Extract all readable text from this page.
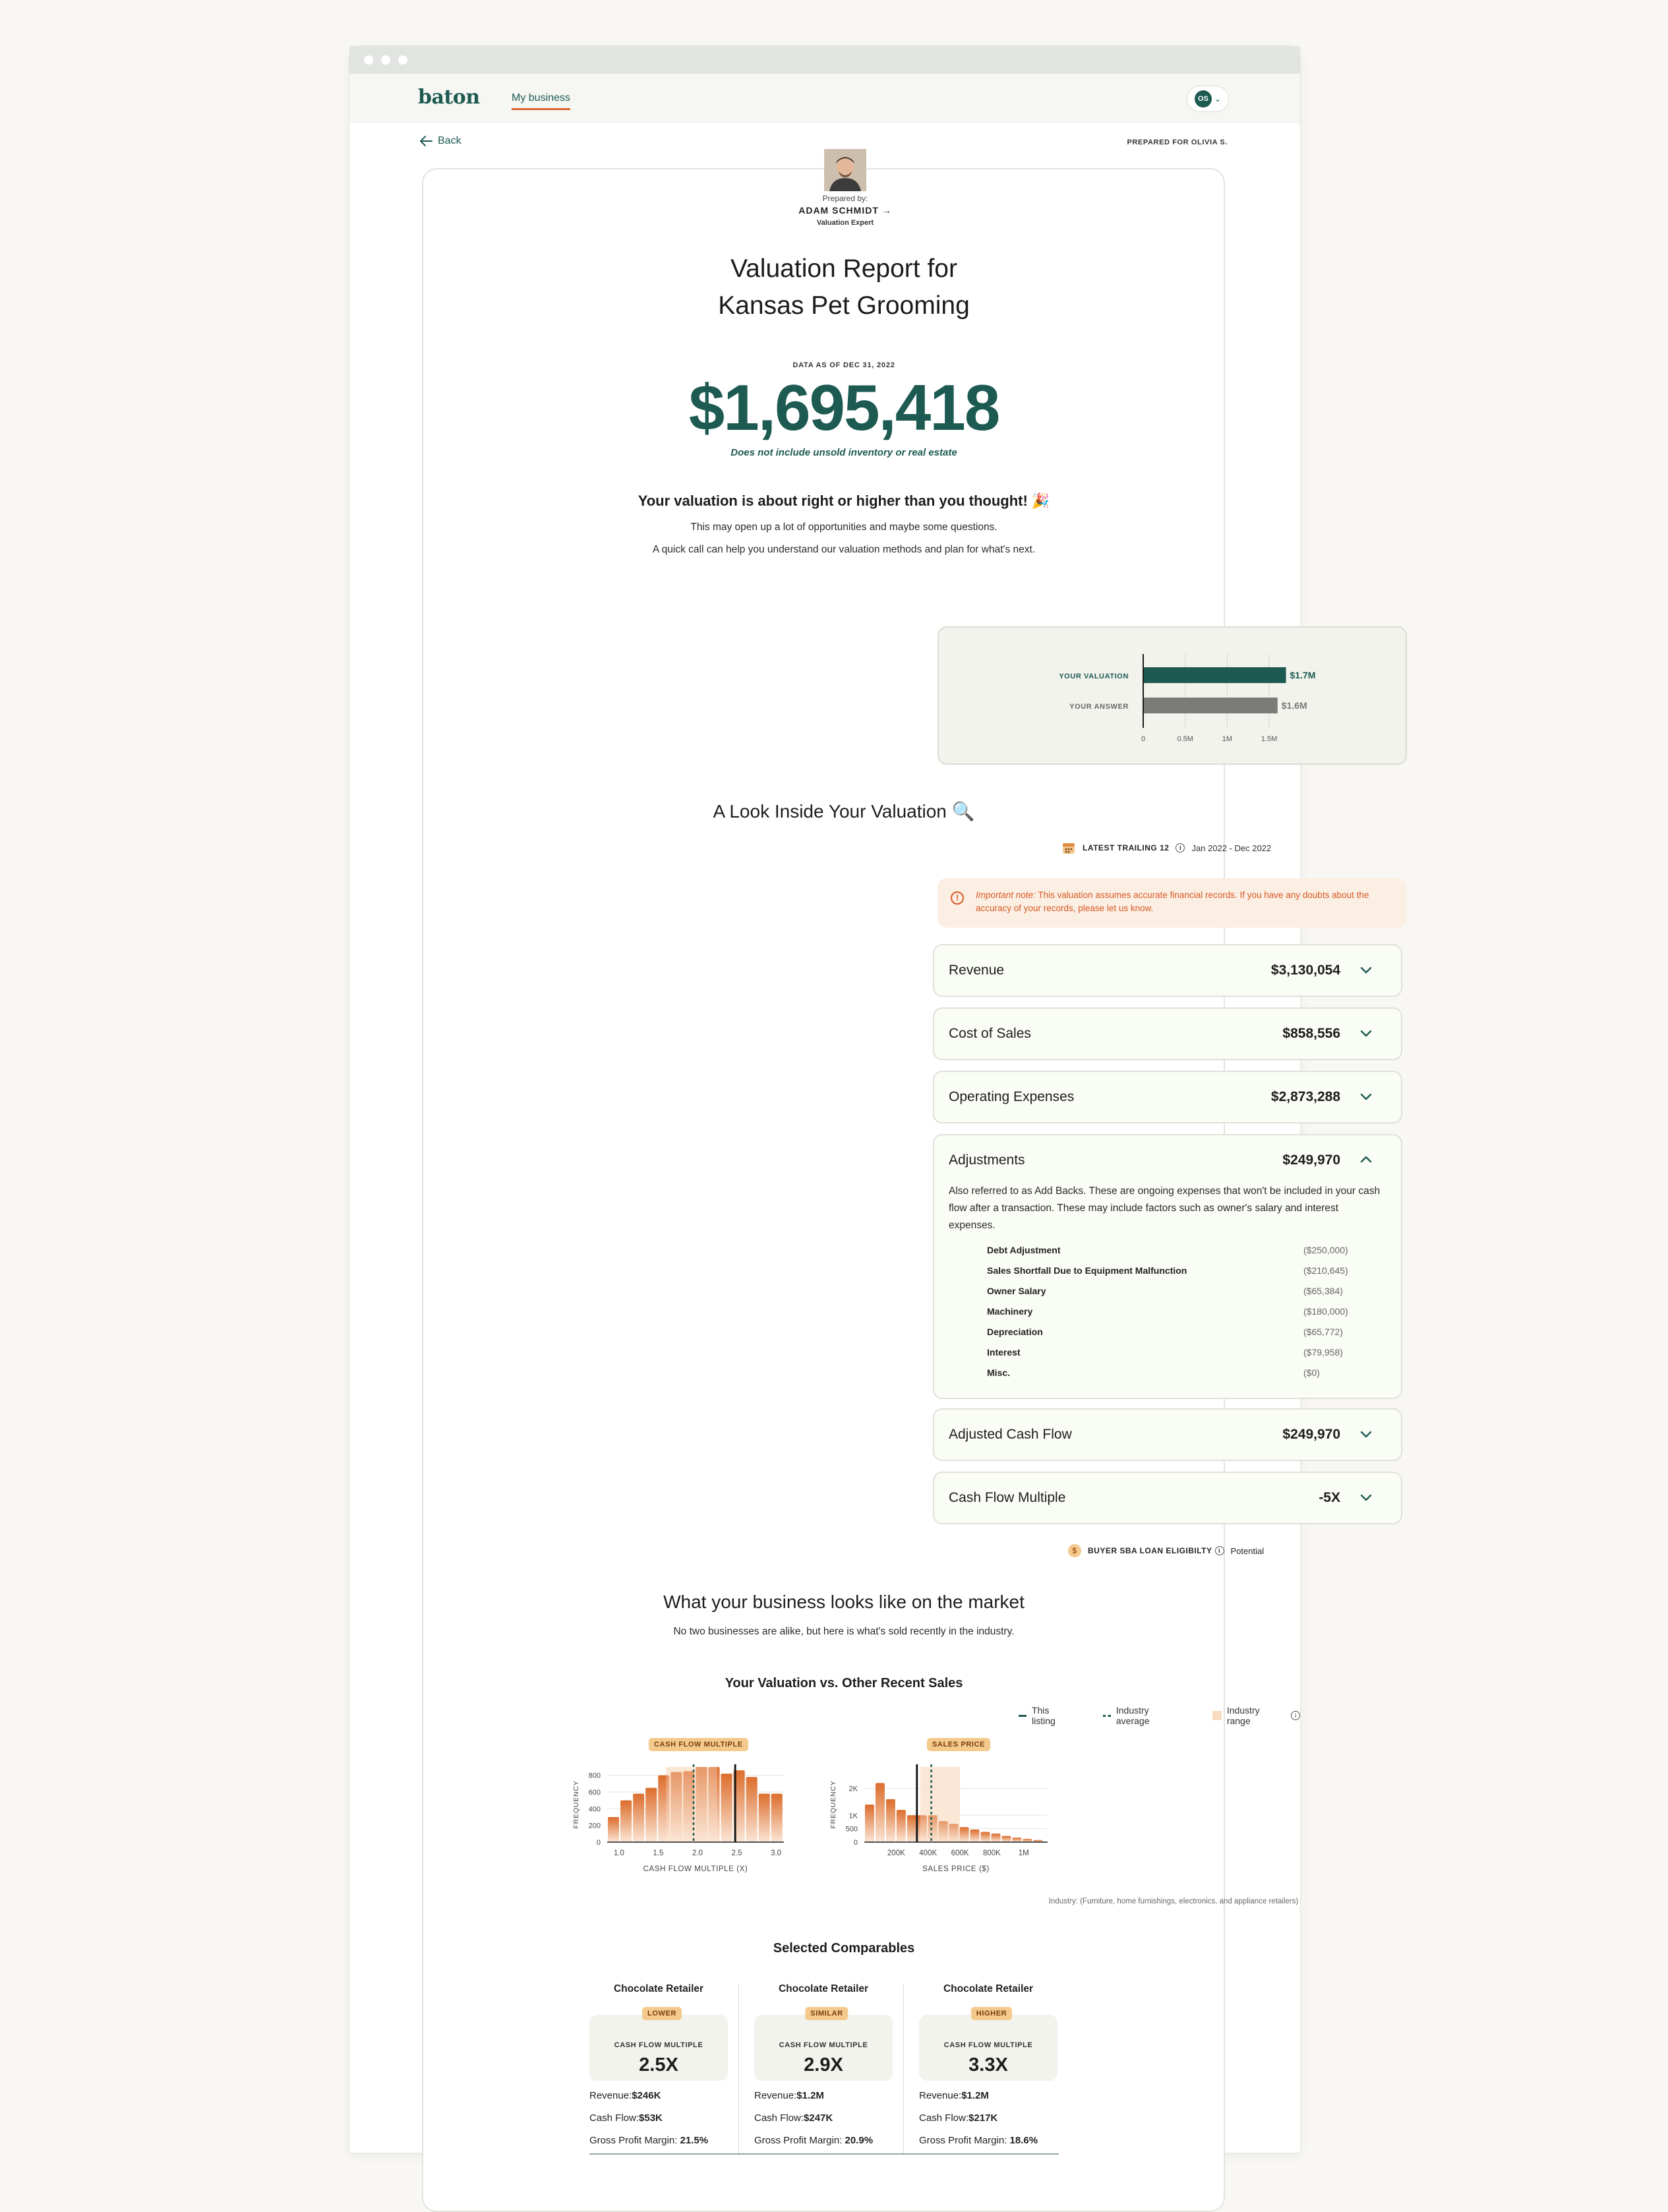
baton	My business	OS ⌄
Back	PREPARED FOR OLIVIA S.
Prepared by:
ADAM SCHMIDT →
Valuation Expert
Valuation Report for
Kansas Pet Grooming
DATA AS OF DEC 31, 2022
$1,695,418
Does not include unsold inventory or real estate
Your valuation is about right or higher than you thought! 🎉
This may open up a lot of opportunities and maybe some questions.
A quick call can help you understand our valuation methods and plan for what's next.
0	0.5M	1M	1.5M
YOUR VALUATION	$1.7M
YOUR ANSWER	$1.6M
A Look Inside Your Valuation 🔍
LATEST TRAILING 12	i	Jan 2022 - Dec 2022
!	Important note: This valuation assumes accurate financial records. If you have any doubts about the accuracy of your records, please let us know.
Revenue	$3,130,054
Cost of Sales	$858,556
Operating Expenses	$2,873,288
Adjustments	$249,970
Also referred to as Add Backs. These are ongoing expenses that won't be included in your cash flow after a transaction. These may include factors such as owner's salary and interest expenses.
Debt Adjustment	($250,000)
Sales Shortfall Due to Equipment Malfunction	($210,645)
Owner Salary	($65,384)
Machinery	($180,000)
Depreciation	($65,772)
Interest	($79,958)
Misc.	($0)
Adjusted Cash Flow	$249,970
Cash Flow Multiple	-5X
$	BUYER SBA LOAN ELIGIBILTY	i	Potential
What your business looks like on the market
No two businesses are alike, but here is what's sold recently in the industry.
Your Valuation vs. Other Recent Sales
This listing
Industry average
Industry range	i
CASH FLOW MULTIPLE	SALES PRICE
0
200
400
600
800
1.0	1.5	2.0	2.5	3.0
CASH FLOW MULTIPLE (X)
FREQUENCY
0
500
1K
2K
200K 400K 600K 800K 1M
SALES PRICE ($)
FREQUENCY
Industry: (Furniture, home furnishings, electronics, and appliance retailers)
Selected Comparables
Chocolate Retailer
LOWER
CASH FLOW MULTIPLE
2.5X
Revenue:$246K
Cash Flow:$53K
Gross Profit Margin: 21.5%
Chocolate Retailer
SIMILAR
CASH FLOW MULTIPLE
2.9X
Revenue:$1.2M
Cash Flow:$247K
Gross Profit Margin: 20.9%
Chocolate Retailer
HIGHER
CASH FLOW MULTIPLE
3.3X
Revenue:$1.2M
Cash Flow:$217K
Gross Profit Margin: 18.6%
